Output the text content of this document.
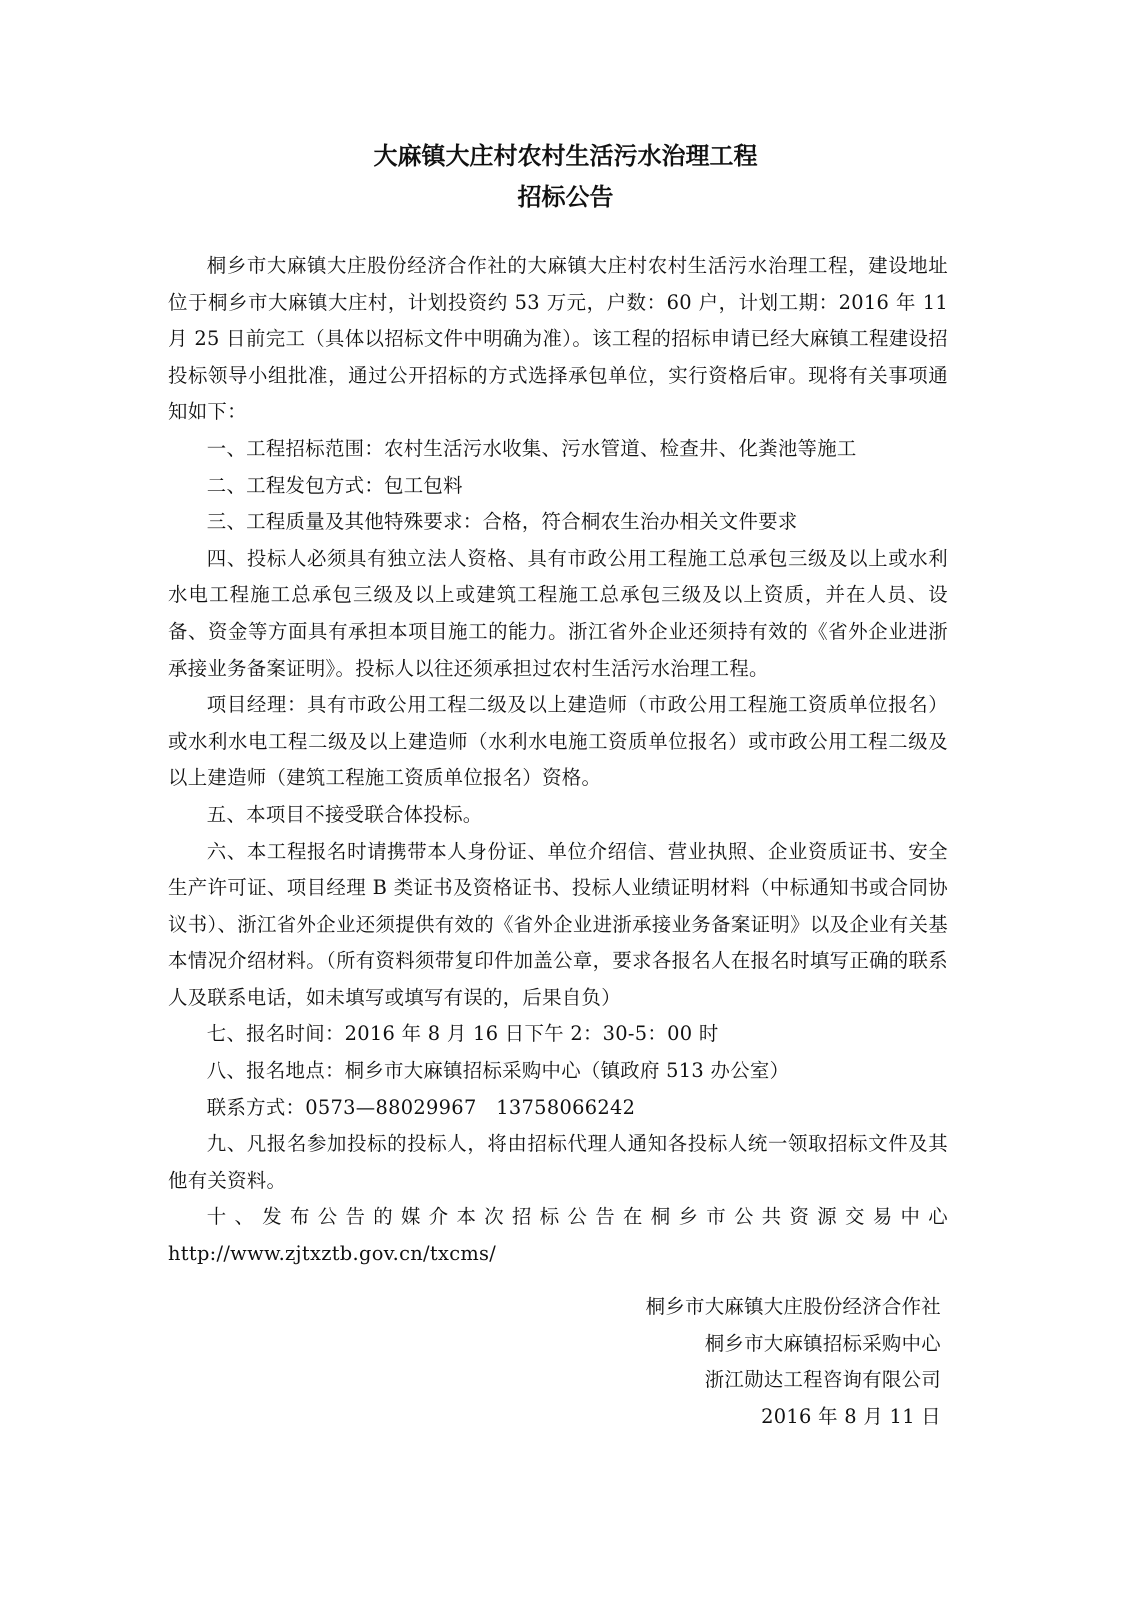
大麻镇大庄村农村生活污水治理工程
招标公告

桐乡市大麻镇大庄股份经济合作社的大麻镇大庄村农村生活污水治理工程，建设地址位于桐乡市大麻镇大庄村，计划投资约 53 万元，户数：60 户，计划工期：2016 年 11 月 25 日前完工（具体以招标文件中明确为准）。该工程的招标申请已经大麻镇工程建设招投标领导小组批准，通过公开招标的方式选择承包单位，实行资格后审。现将有关事项通知如下：

一、工程招标范围：农村生活污水收集、污水管道、检查井、化粪池等施工

二、工程发包方式：包工包料

三、工程质量及其他特殊要求：合格，符合桐农生治办相关文件要求

四、投标人必须具有独立法人资格、具有市政公用工程施工总承包三级及以上或水利水电工程施工总承包三级及以上或建筑工程施工总承包三级及以上资质，并在人员、设备、资金等方面具有承担本项目施工的能力。浙江省外企业还须持有效的《省外企业进浙承接业务备案证明》。投标人以往还须承担过农村生活污水治理工程。

项目经理：具有市政公用工程二级及以上建造师（市政公用工程施工资质单位报名）或水利水电工程二级及以上建造师（水利水电施工资质单位报名）或市政公用工程二级及以上建造师（建筑工程施工资质单位报名）资格。

五、本项目不接受联合体投标。

六、本工程报名时请携带本人身份证、单位介绍信、营业执照、企业资质证书、安全生产许可证、项目经理 B 类证书及资格证书、投标人业绩证明材料（中标通知书或合同协议书）、浙江省外企业还须提供有效的《省外企业进浙承接业务备案证明》以及企业有关基本情况介绍材料。（所有资料须带复印件加盖公章，要求各报名人在报名时填写正确的联系人及联系电话，如未填写或填写有误的，后果自负）

七、报名时间：2016 年 8 月 16 日下午 2：30-5：00 时

八、报名地点：桐乡市大麻镇招标采购中心（镇政府 513 办公室）

联系方式：0573—88029967　13758066242

九、凡报名参加投标的投标人，将由招标代理人通知各投标人统一领取招标文件及其他有关资料。

十、发布公告的媒介本次招标公告在桐乡市公共资源交易中心

http://www.zjtxztb.gov.cn/txcms/

桐乡市大麻镇大庄股份经济合作社
桐乡市大麻镇招标采购中心
浙江勋达工程咨询有限公司
2016 年 8 月 11 日
